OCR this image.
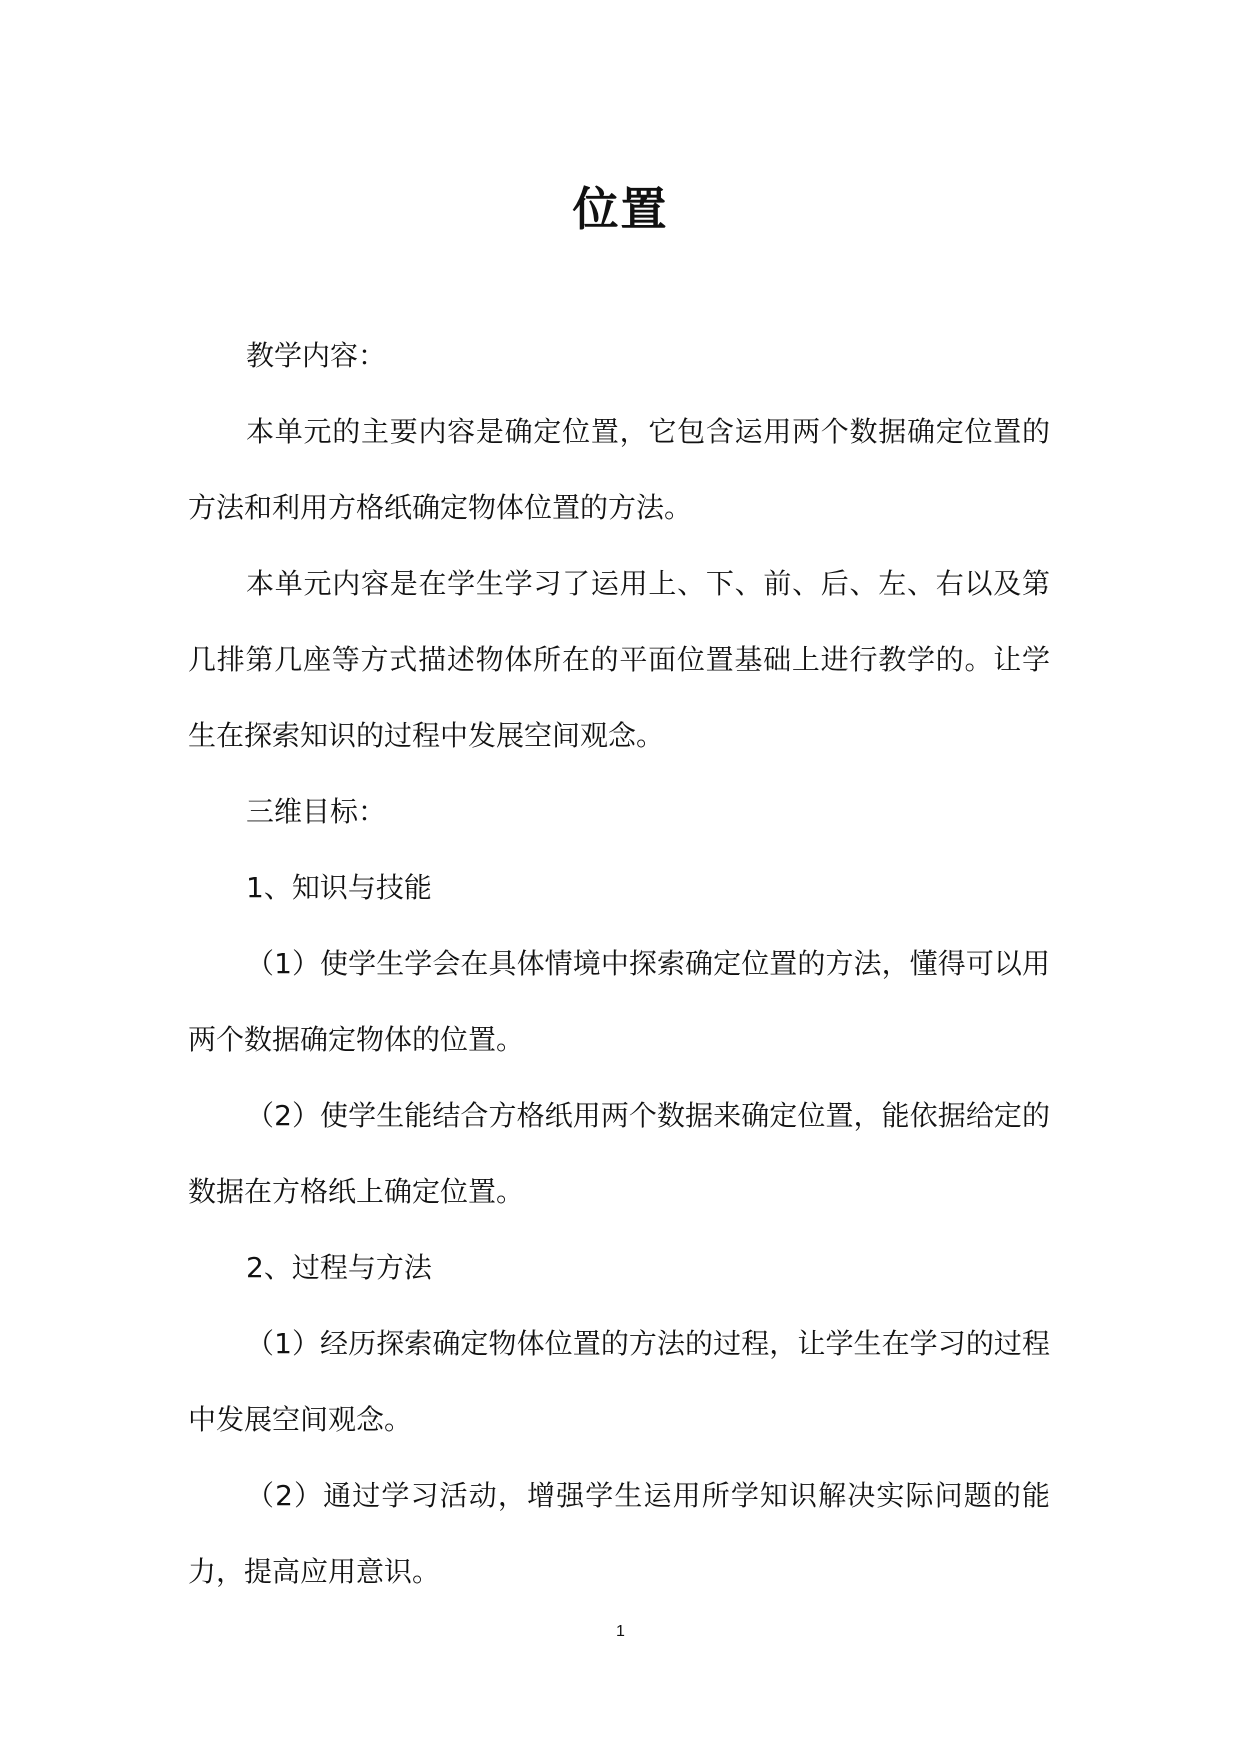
位置

教学内容：

本单元的主要内容是确定位置，它包含运用两个数据确定位置的方法和利用方格纸确定物体位置的方法。

本单元内容是在学生学习了运用上、下、前、后、左、右以及第几排第几座等方式描述物体所在的平面位置基础上进行教学的。让学生在探索知识的过程中发展空间观念。

三维目标：

1、知识与技能

（1）使学生学会在具体情境中探索确定位置的方法，懂得可以用两个数据确定物体的位置。

（2）使学生能结合方格纸用两个数据来确定位置，能依据给定的数据在方格纸上确定位置。

2、过程与方法

（1）经历探索确定物体位置的方法的过程，让学生在学习的过程中发展空间观念。

（2）通过学习活动，增强学生运用所学知识解决实际问题的能力，提高应用意识。

1
